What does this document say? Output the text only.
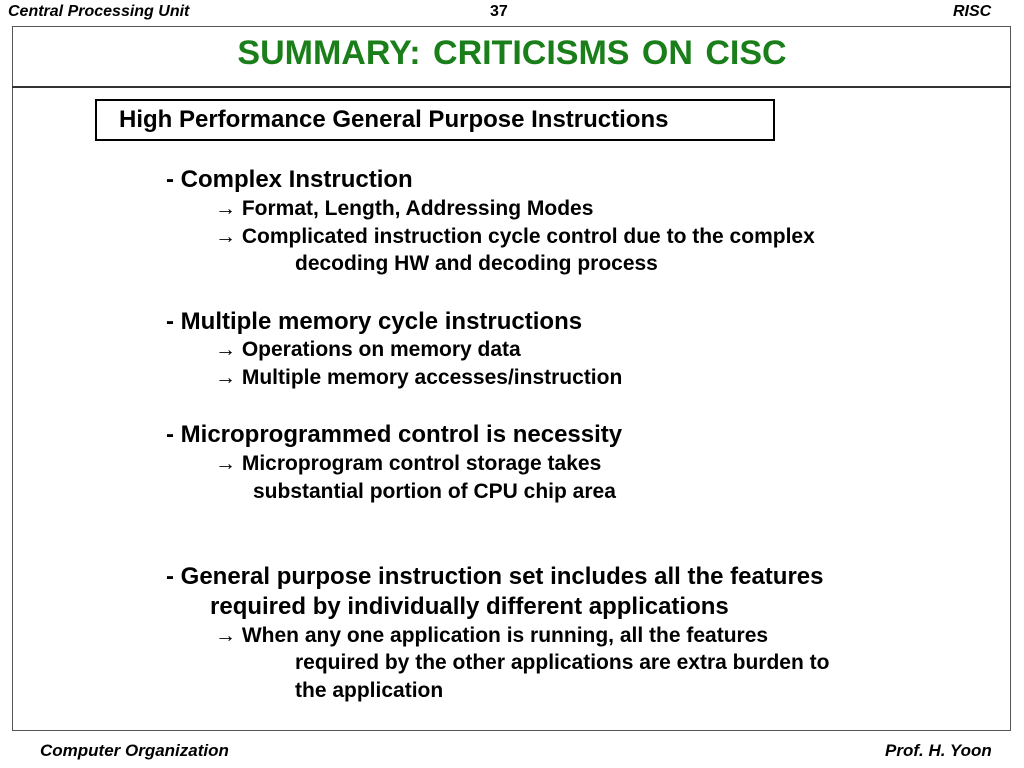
Central Processing Unit	37	RISC
SUMMARY: CRITICISMS ON CISC
High Performance General Purpose Instructions
- Complex Instruction
→ Format, Length, Addressing Modes
→ Complicated instruction cycle control due to the complex
decoding HW and decoding process
- Multiple memory cycle instructions
→ Operations on memory data
→ Multiple memory accesses/instruction
- Microprogrammed control is necessity
→ Microprogram control storage takes
substantial portion of CPU chip area
- General purpose instruction set includes all the features
required by individually different applications
→ When any one application is running, all the features
required by the other applications are extra burden to
the application
Computer Organization	Prof. H. Yoon
